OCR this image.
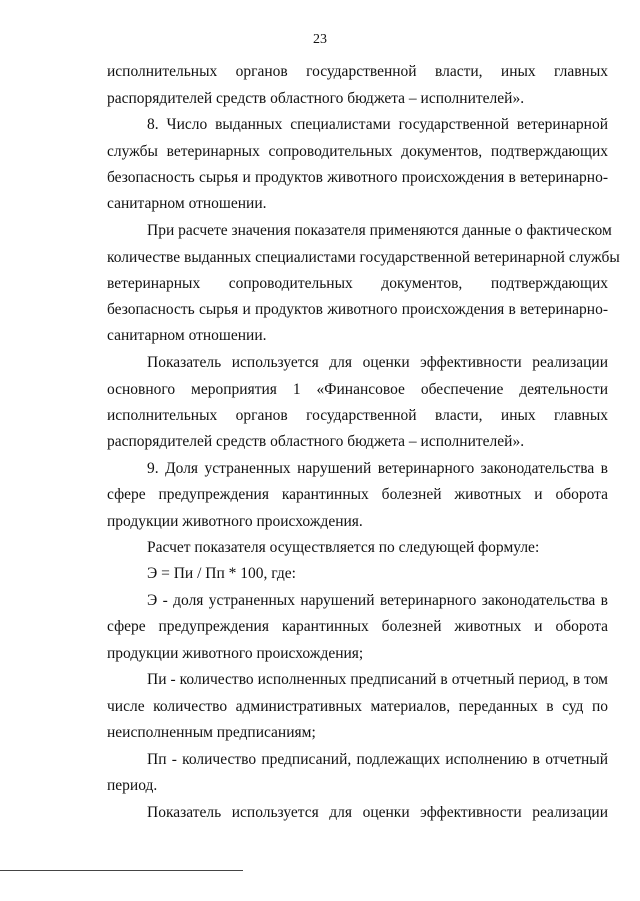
23
исполнительных органов государственной власти, иных главных
распорядителей средств областного бюджета – исполнителей».
8. Число выданных специалистами государственной ветеринарной
службы ветеринарных сопроводительных документов, подтверждающих
безопасность сырья и продуктов животного происхождения в ветеринарно-
санитарном отношении.
При расчете значения показателя применяются данные о фактическом
количестве выданных специалистами государственной ветеринарной службы
ветеринарных сопроводительных документов, подтверждающих
безопасность сырья и продуктов животного происхождения в ветеринарно-
санитарном отношении.
Показатель используется для оценки эффективности реализации
основного мероприятия 1 «Финансовое обеспечение деятельности
исполнительных органов государственной власти, иных главных
распорядителей средств областного бюджета – исполнителей».
9. Доля устраненных нарушений ветеринарного законодательства в
сфере предупреждения карантинных болезней животных и оборота
продукции животного происхождения.
Расчет показателя осуществляется по следующей формуле:
Э = Пи / Пп * 100, где:
Э - доля устраненных нарушений ветеринарного законодательства в
сфере предупреждения карантинных болезней животных и оборота
продукции животного происхождения;
Пи - количество исполненных предписаний в отчетный период, в том
числе количество административных материалов, переданных в суд по
неисполненным предписаниям;
Пп - количество предписаний, подлежащих исполнению в отчетный
период.
Показатель используется для оценки эффективности реализации
